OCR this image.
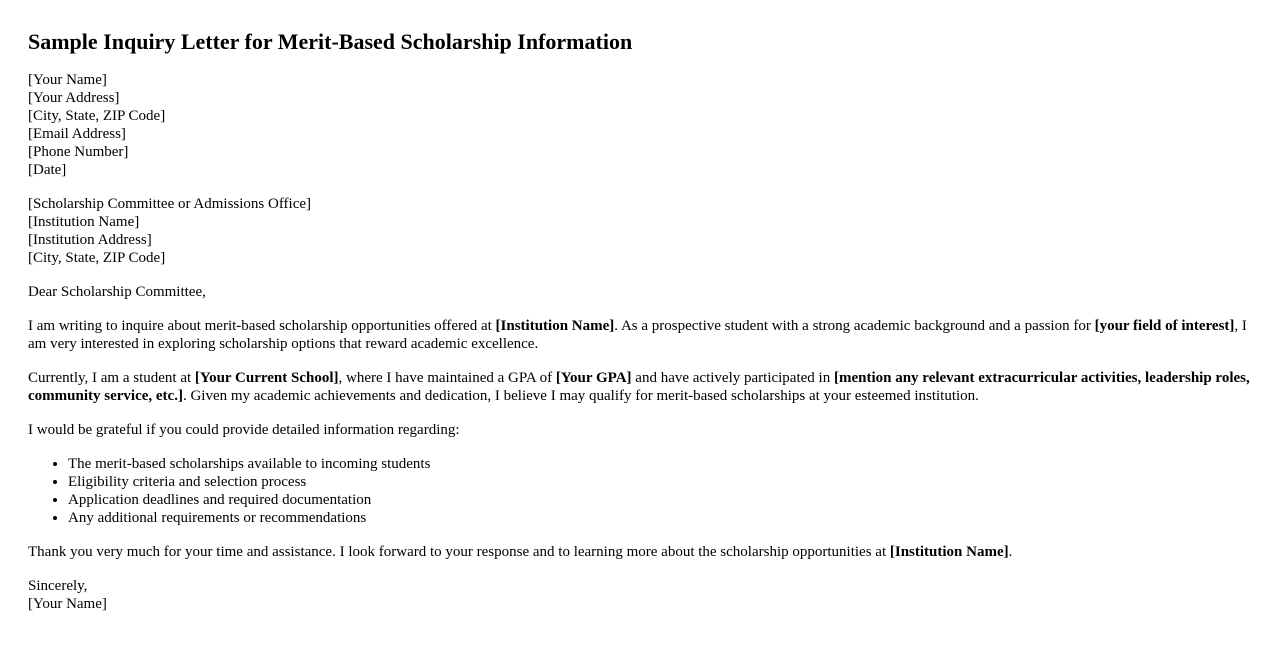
Sample Inquiry Letter for Merit-Based Scholarship Information
[Your Name]
[Your Address]
[City, State, ZIP Code]
[Email Address]
[Phone Number]
[Date]
[Scholarship Committee or Admissions Office]
[Institution Name]
[Institution Address]
[City, State, ZIP Code]

Dear Scholarship Committee,

I am writing to inquire about merit-based scholarship opportunities offered at [Institution Name]. As a prospective student with a strong academic background and a passion for [your field of interest], I am very interested in exploring scholarship options that reward academic excellence.

Currently, I am a student at [Your Current School], where I have maintained a GPA of [Your GPA] and have actively participated in [mention any relevant extracurricular activities, leadership roles, community service, etc.]. Given my academic achievements and dedication, I believe I may qualify for merit-based scholarships at your esteemed institution.

I would be grateful if you could provide detailed information regarding:

• The merit-based scholarships available to incoming students
• Eligibility criteria and selection process
• Application deadlines and required documentation
• Any additional requirements or recommendations

Thank you very much for your time and assistance. I look forward to your response and to learning more about the scholarship opportunities at [Institution Name].

Sincerely,
[Your Name]
